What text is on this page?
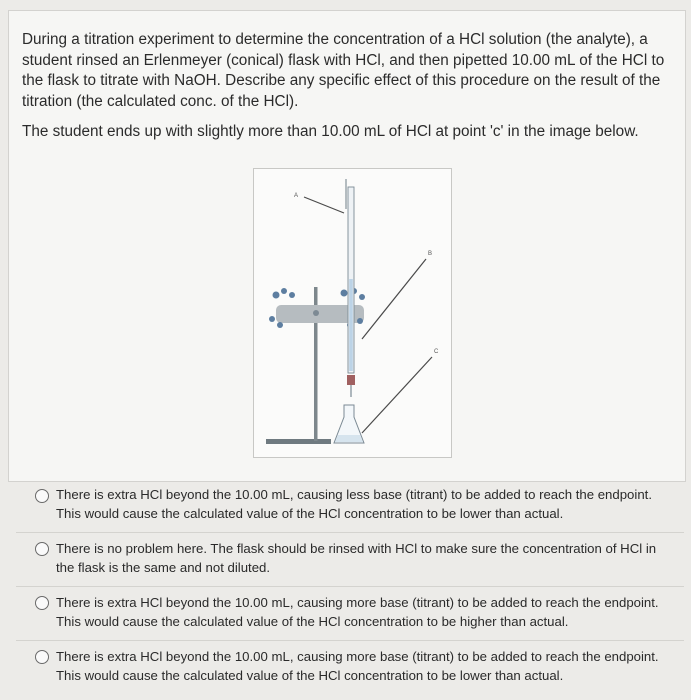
During a titration experiment to determine the concentration of a HCl solution (the analyte), a student rinsed an Erlenmeyer (conical) flask with HCl, and then pipetted 10.00 mL of the HCl to the flask to titrate with NaOH. Describe any specific effect of this procedure on the result of the titration (the calculated conc. of the HCl).

The student ends up with slightly more than 10.00 mL of HCl at point 'c' in the image below.

A
B
C
There is extra HCl beyond the 10.00 mL, causing less base (titrant) to be added to reach the endpoint. This would cause the calculated value of the HCl concentration to be lower than actual.
There is no problem here. The flask should be rinsed with HCl to make sure the concentration of HCl in the flask is the same and not diluted.
There is extra HCl beyond the 10.00 mL, causing more base (titrant) to be added to reach the endpoint. This would cause the calculated value of the HCl concentration to be higher than actual.
There is extra HCl beyond the 10.00 mL, causing more base (titrant) to be added to reach the endpoint. This would cause the calculated value of the HCl concentration to be lower than actual.
